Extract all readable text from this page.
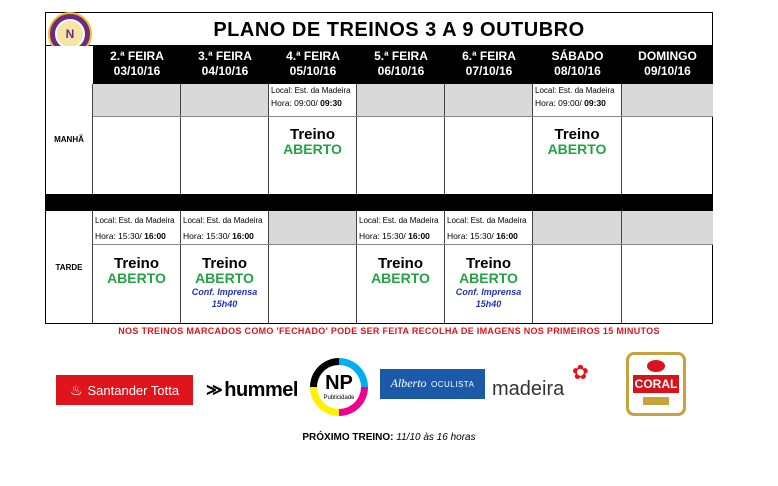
PLANO DE TREINOS 3 A 9 OUTUBRO
N
2.ª FEIRA
03/10/16
3.ª FEIRA
04/10/16
4.ª FEIRA
05/10/16
5.ª FEIRA
06/10/16
6.ª FEIRA
07/10/16
SÁBADO
08/10/16
DOMINGO
09/10/16
MANHÃ
Local: Est. da Madeira
Hora: 09:00/ 09:30
Treino
ABERTO
Local: Est. da Madeira
Hora: 09:00/ 09:30
Treino
ABERTO
TARDE
Local: Est. da Madeira
Hora: 15:30/ 16:00
Treino
ABERTO
Local: Est. da Madeira
Hora: 15:30/ 16:00
Treino
ABERTO
Conf. Imprensa
15h40
Local: Est. da Madeira
Hora: 15:30/ 16:00
Treino
ABERTO
Local: Est. da Madeira
Hora: 15:30/ 16:00
Treino
ABERTO
Conf. Imprensa
15h40
NOS TREINOS MARCADOS COMO 'FECHADO' PODE SER FEITA RECOLHA DE IMAGENS NOS PRIMEIROS 15 MINUTOS
♨ Santander Totta ≫ hummel	NP
Publicidade
Alberto OCULISTA
✿
madeira	CORAL
PRÓXIMO TREINO: 11/10 às 16 horas
